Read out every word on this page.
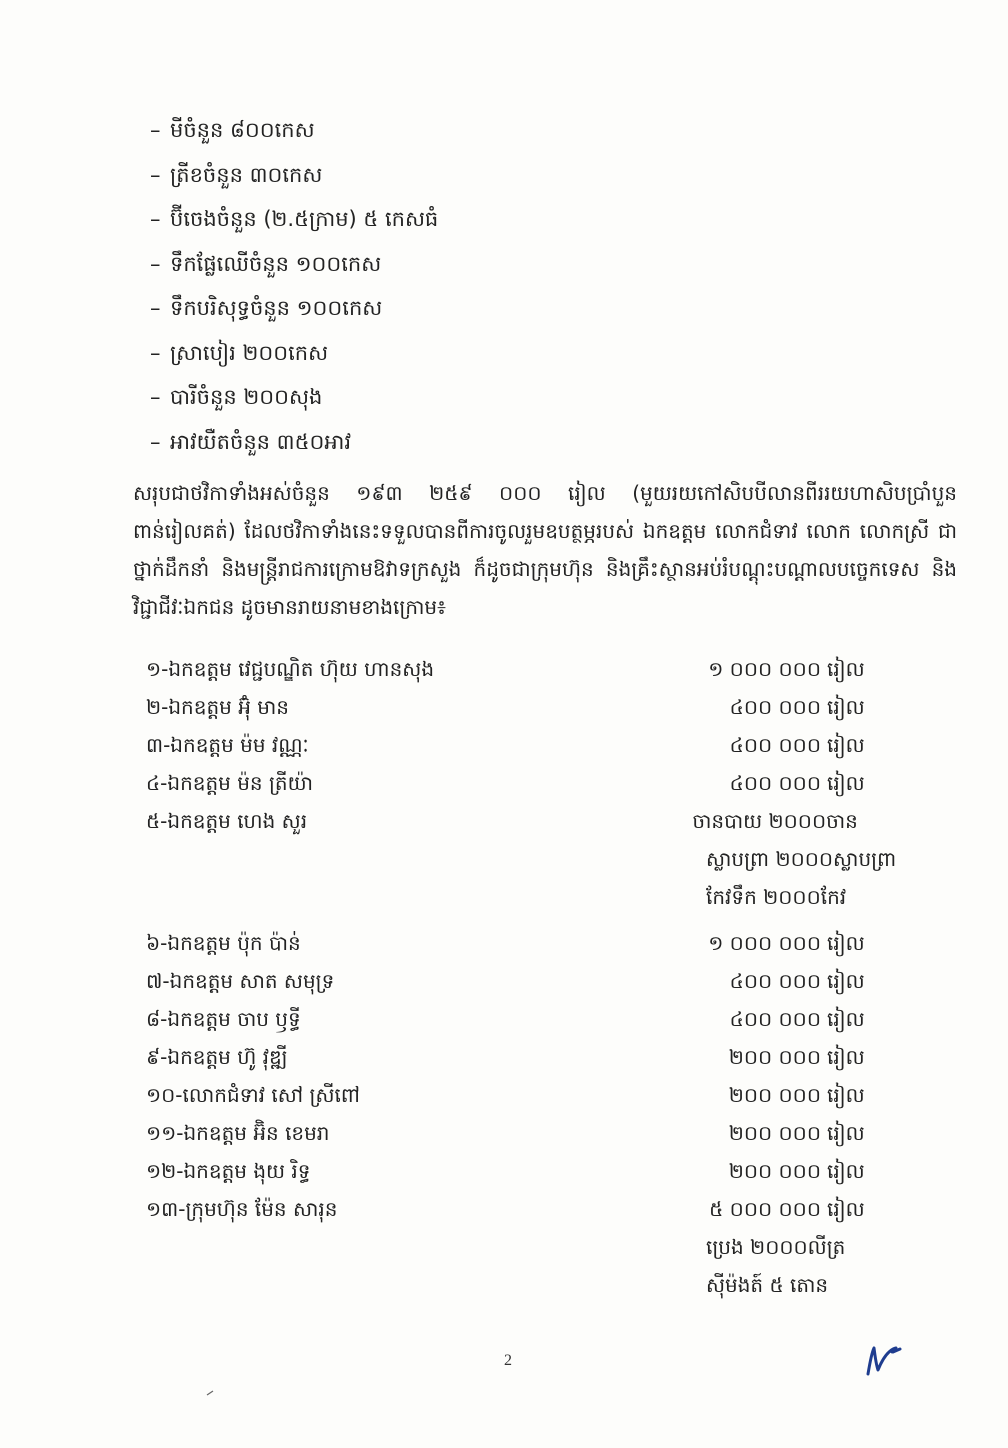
– មីចំនួន ៨០០កេស
– ត្រីខចំនួន ៣០កេស
– ប៊ីចេងចំនួន (២.៥ក្រាម) ៥ កេសធំ
– ទឹកផ្លែឈើចំនួន ១០០កេស
– ទឹកបរិសុទ្ធចំនួន ១០០កេស
– ស្រាបៀរ ២០០កេស
– បារីចំនួន ២០០សុង
– អាវយឺតចំនួន ៣៥០អាវ

សរុបជាថវិកាទាំងអស់ចំនួន ១៩៣ ២៥៩ ០០០ រៀល (មួយរយកៅសិបបីលានពីររយហាសិបប្រាំបួនពាន់រៀលគត់) ដែលថវិកាទាំងនេះទទួលបានពីការចូលរួមឧបត្ថម្ភរបស់ ឯកឧត្តម លោកជំទាវ លោក លោកស្រី ជាថ្នាក់ដឹកនាំ និងមន្ត្រីរាជការក្រោមឱវាទក្រសួង ក៏ដូចជាក្រុមហ៊ុន និងគ្រឹះស្ថានអប់រំបណ្តុះបណ្តាលបច្ចេកទេស និងវិជ្ជាជីវៈឯកជន ដូចមានរាយនាមខាងក្រោម៖

១-ឯកឧត្តម វេជ្ជបណ្ឌិត ហ៊ុយ ហានសុង	១ ០០០ ០០០ រៀល
២-ឯកឧត្តម អ៊ុំ មាន	៤០០ ០០០ រៀល
៣-ឯកឧត្តម ម៉ម វណ្ណៈ	៤០០ ០០០ រៀល
៤-ឯកឧត្តម ម៉ន ត្រីយ៉ា	៤០០ ០០០ រៀល
៥-ឯកឧត្តម ហេង សួរ	ចានបាយ ២០០០ចាន
ស្លាបព្រា ២០០០ស្លាបព្រា
កែវទឹក ២០០០កែវ
៦-ឯកឧត្តម ប៉ុក ប៉ាន់	១ ០០០ ០០០ រៀល
៧-ឯកឧត្តម សាត សមុទ្រ	៤០០ ០០០ រៀល
៨-ឯកឧត្តម ចាប ឫទ្ធី	៤០០ ០០០ រៀល
៩-ឯកឧត្តម ហ៊ូ វុឌ្ឍី	២០០ ០០០ រៀល
១០-លោកជំទាវ សៅ ស្រីពៅ	២០០ ០០០ រៀល
១១-ឯកឧត្តម អ៊ិន ខេមរា	២០០ ០០០ រៀល
១២-ឯកឧត្តម ងុយ រិទ្ធ	២០០ ០០០ រៀល
១៣-ក្រុមហ៊ុន ម៉ែន សារុន	៥ ០០០ ០០០ រៀល
ប្រេង ២០០០លីត្រ
ស៊ីម៉ងត៍ ៥ តោន
2
